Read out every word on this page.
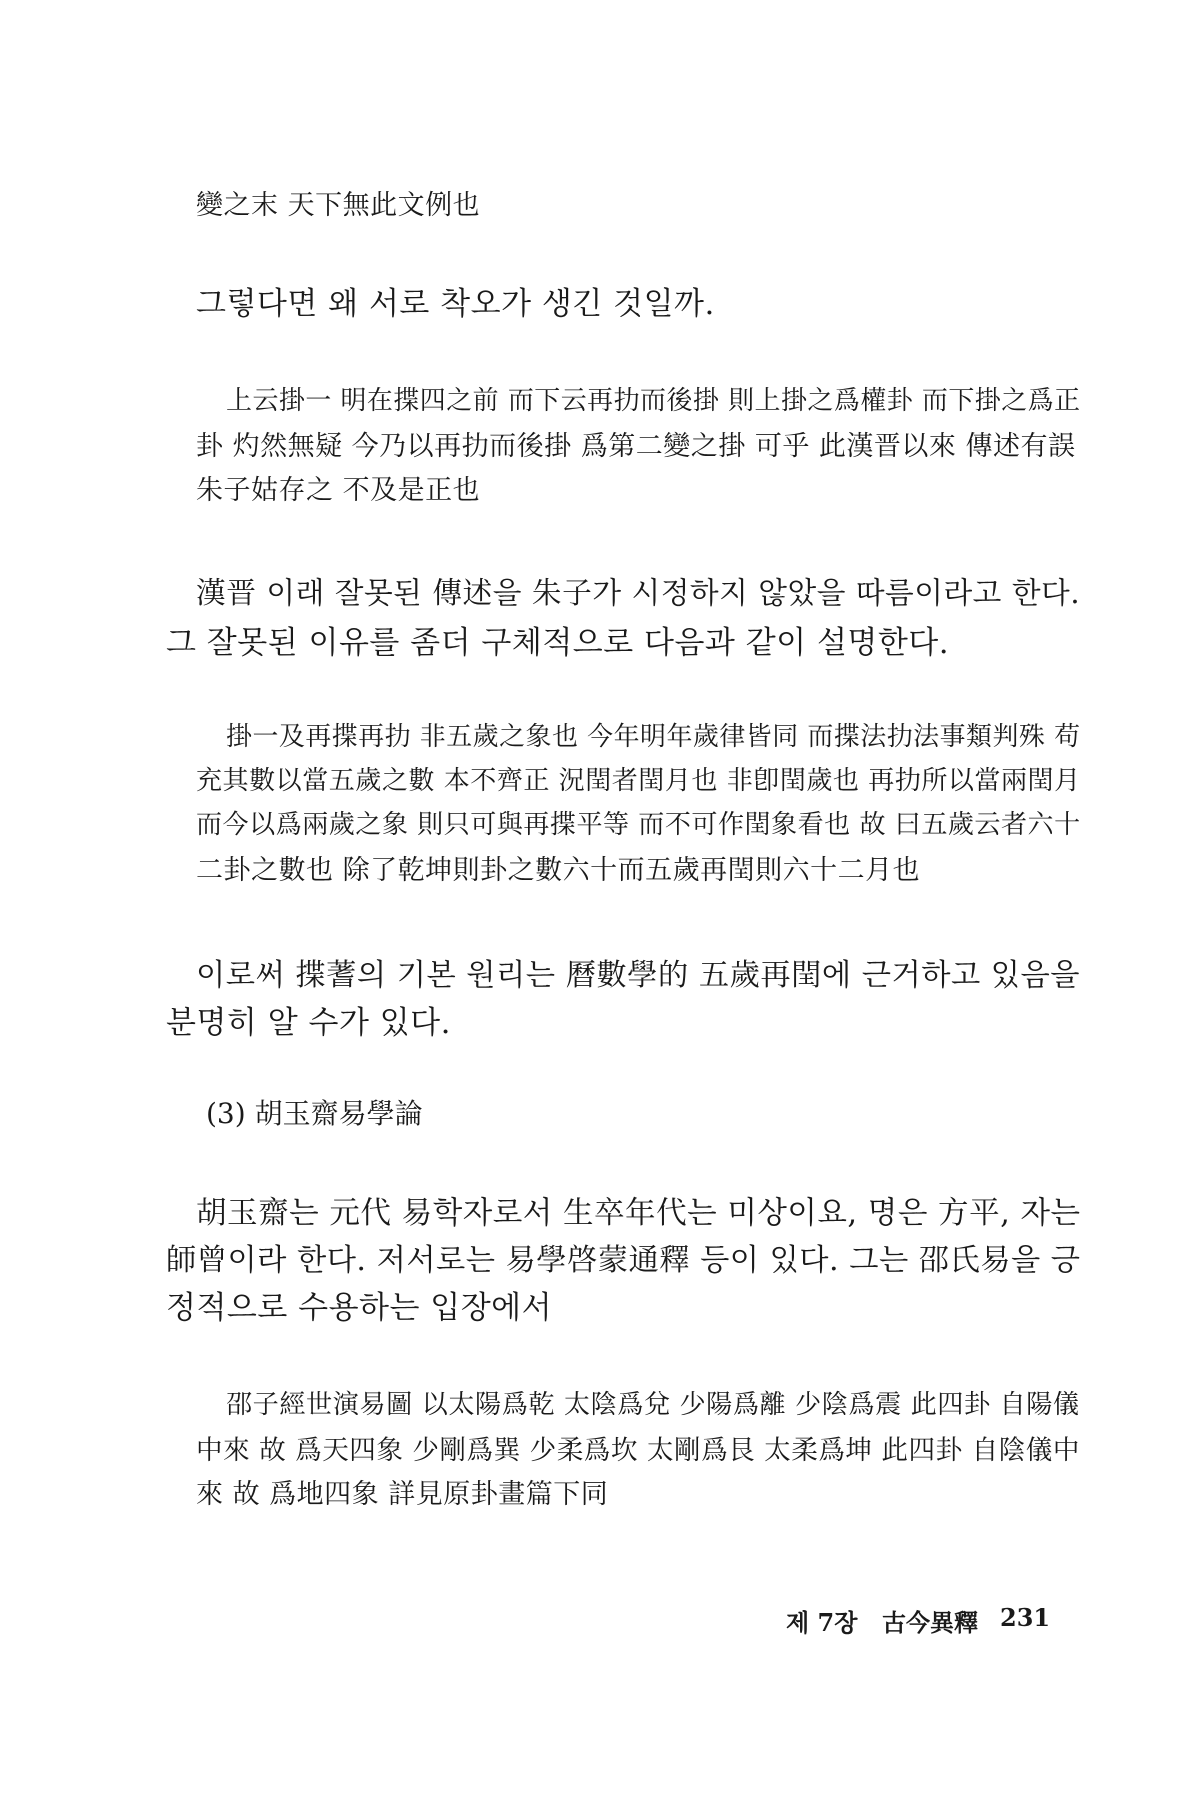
變之末 天下無此文例也
그렇다면 왜 서로 착오가 생긴 것일까.
上云掛一 明在揲四之前 而下云再扐而後掛 則上掛之爲權卦 而下掛之爲正
卦 灼然無疑 今乃以再扐而後掛 爲第二變之掛 可乎 此漢晋以來 傳述有誤
朱子姑存之 不及是正也
漢晋 이래 잘못된 傳述을 朱子가 시정하지 않았을 따름이라고 한다.
그 잘못된 이유를 좀더 구체적으로 다음과 같이 설명한다.
掛一及再揲再扐 非五歲之象也 今年明年歲律皆同 而揲法扐法事類判殊 苟
充其數以當五歲之數 本不齊正 況閏者閏月也 非卽閏歲也 再扐所以當兩閏月
而今以爲兩歲之象 則只可與再揲平等 而不可作閏象看也 故 曰五歲云者六十
二卦之數也 除了乾坤則卦之數六十而五歲再閏則六十二月也
이로써 揲蓍의 기본 원리는 曆數學的 五歲再閏에 근거하고 있음을
분명히 알 수가 있다.
(3) 胡玉齋易學論
胡玉齋는 元代 易학자로서 生卒年代는 미상이요, 명은 方平, 자는
師曾이라 한다. 저서로는 易學啓蒙通釋 등이 있다. 그는 邵氏易을 긍
정적으로 수용하는 입장에서
邵子經世演易圖 以太陽爲乾 太陰爲兌 少陽爲離 少陰爲震 此四卦 自陽儀
中來 故 爲天四象 少剛爲巽 少柔爲坎 太剛爲艮 太柔爲坤 此四卦 自陰儀中
來 故 爲地四象 詳見原卦畫篇下同
제 7장 古今異釋 231
